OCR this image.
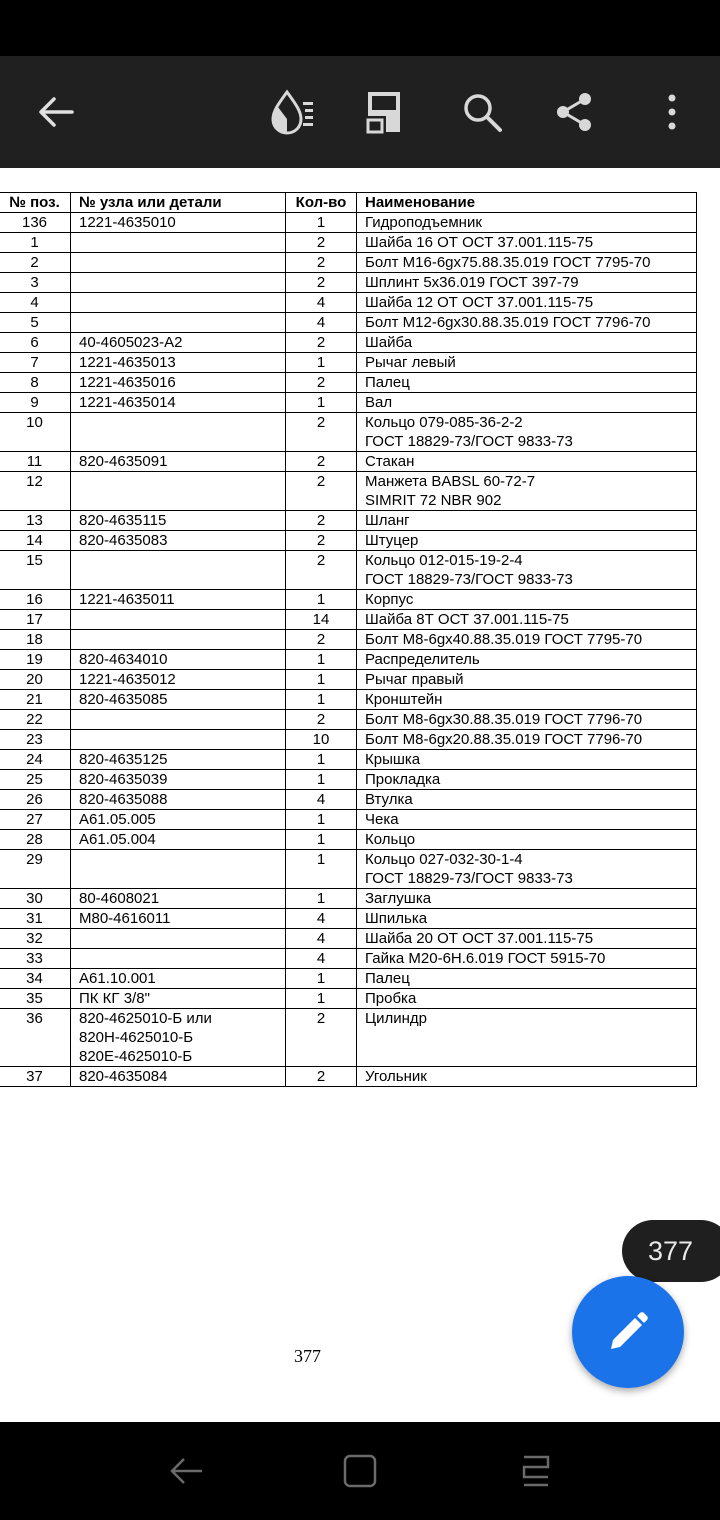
№ поз.	№ узла или детали	Кол-во	Наименование
136	1221-4635010	1	Гидроподъемник
1		2	Шайба 16 ОТ ОСТ 37.001.115-75
2		2	Болт М16-6gx75.88.35.019 ГОСТ 7795-70
3		2	Шплинт 5х36.019 ГОСТ 397-79
4		4	Шайба 12 ОТ ОСТ 37.001.115-75
5		4	Болт М12-6gx30.88.35.019 ГОСТ 7796-70
6	40-4605023-А2	2	Шайба
7	1221-4635013	1	Рычаг левый
8	1221-4635016	2	Палец
9	1221-4635014	1	Вал
10		2	Кольцо 079-085-36-2-2
ГОСТ 18829-73/ГОСТ 9833-73
11	820-4635091	2	Стакан
12		2	Манжета BABSL 60-72-7
SIMRIT 72 NBR 902
13	820-4635115	2	Шланг
14	820-4635083	2	Штуцер
15		2	Кольцо 012-015-19-2-4
ГОСТ 18829-73/ГОСТ 9833-73
16	1221-4635011	1	Корпус
17		14	Шайба 8Т ОСТ 37.001.115-75
18		2	Болт М8-6gx40.88.35.019 ГОСТ 7795-70
19	820-4634010	1	Распределитель
20	1221-4635012	1	Рычаг правый
21	820-4635085	1	Кронштейн
22		2	Болт М8-6gx30.88.35.019 ГОСТ 7796-70
23		10	Болт М8-6gx20.88.35.019 ГОСТ 7796-70
24	820-4635125	1	Крышка
25	820-4635039	1	Прокладка
26	820-4635088	4	Втулка
27	А61.05.005	1	Чека
28	А61.05.004	1	Кольцо
29		1	Кольцо 027-032-30-1-4
ГОСТ 18829-73/ГОСТ 9833-73
30	80-4608021	1	Заглушка
31	М80-4616011	4	Шпилька
32		4	Шайба 20 ОТ ОСТ 37.001.115-75
33		4	Гайка М20-6Н.6.019 ГОСТ 5915-70
34	А61.10.001	1	Палец
35	ПК КГ 3/8"	1	Пробка
36	820-4625010-Б или
820Н-4625010-Б
820Е-4625010-Б	2	Цилиндр
37	820-4635084	2	Угольник
377
377
